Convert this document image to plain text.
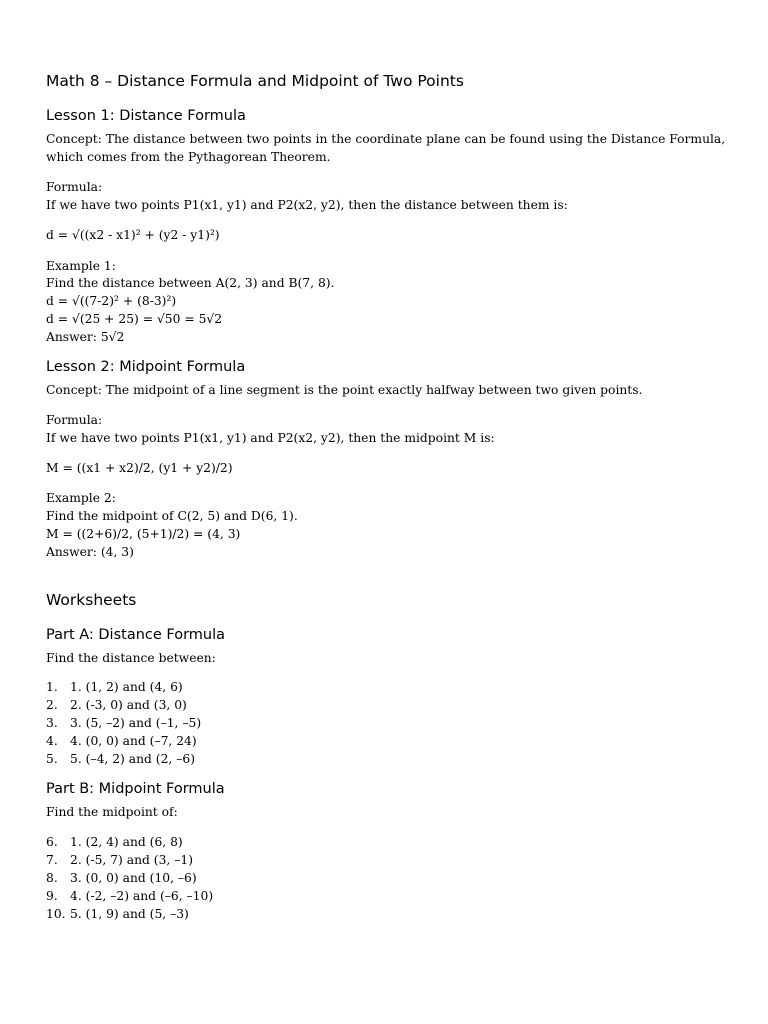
Math 8 – Distance Formula and Midpoint of Two Points
Lesson 1: Distance Formula

Concept: The distance between two points in the coordinate plane can be found using the Distance Formula, which comes from the Pythagorean Theorem.

Formula:

If we have two points P1(x1, y1) and P2(x2, y2), then the distance between them is:

d = √((x2 - x1)² + (y2 - y1)²)

Example 1:

Find the distance between A(2, 3) and B(7, 8).

d = √((7-2)² + (8-3)²)

d = √(25 + 25) = √50 = 5√2

Answer: 5√2

Lesson 2: Midpoint Formula

Concept: The midpoint of a line segment is the point exactly halfway between two given points.

Formula:

If we have two points P1(x1, y1) and P2(x2, y2), then the midpoint M is:

M = ((x1 + x2)/2, (y1 + y2)/2)

Example 2:

Find the midpoint of C(2, 5) and D(6, 1).

M = ((2+6)/2, (5+1)/2) = (4, 3)

Answer: (4, 3)

Worksheets
Part A: Distance Formula

Find the distance between:

1. 1. (1, 2) and (4, 6)
2. 2. (-3, 0) and (3, 0)
3. 3. (5, –2) and (–1, –5)
4. 4. (0, 0) and (–7, 24)
5. 5. (–4, 2) and (2, –6)
Part B: Midpoint Formula

Find the midpoint of:

6. 1. (2, 4) and (6, 8)
7. 2. (-5, 7) and (3, –1)
8. 3. (0, 0) and (10, –6)
9. 4. (-2, –2) and (–6, –10)
10. 5. (1, 9) and (5, –3)
